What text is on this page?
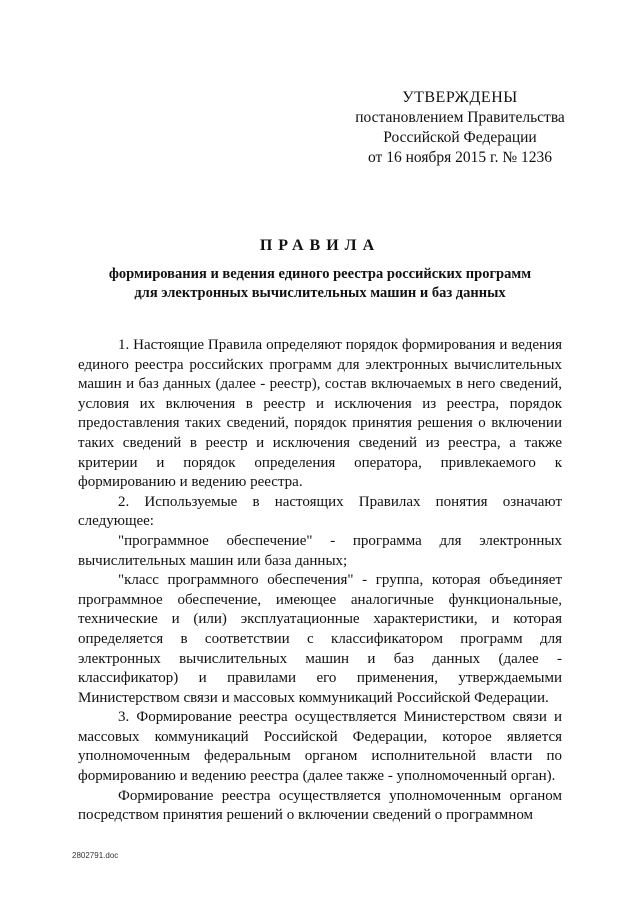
УТВЕРЖДЕНЫ
постановлением Правительства
Российской Федерации
от 16 ноября 2015 г. № 1236
ПРАВИЛА
формирования и ведения единого реестра российских программ
для электронных вычислительных машин и баз данных

1. Настоящие Правила определяют порядок формирования и ведения единого реестра российских программ для электронных вычислительных машин и баз данных (далее - реестр), состав включаемых в него сведений, условия их включения в реестр и исключения из реестра, порядок предоставления таких сведений, порядок принятия решения о включении таких сведений в реестр и исключения сведений из реестра, а также критерии и порядок определения оператора, привлекаемого к формированию и ведению реестра.

2. Используемые в настоящих Правилах понятия означают следующее:

"программное обеспечение" - программа для электронных вычислительных машин или база данных;

"класс программного обеспечения" - группа, которая объединяет программное обеспечение, имеющее аналогичные функциональные, технические и (или) эксплуатационные характеристики, и которая определяется в соответствии с классификатором программ для электронных вычислительных машин и баз данных (далее - классификатор) и правилами его применения, утверждаемыми Министерством связи и массовых коммуникаций Российской Федерации.

3. Формирование реестра осуществляется Министерством связи и массовых коммуникаций Российской Федерации, которое является уполномоченным федеральным органом исполнительной власти по формированию и ведению реестра (далее также - уполномоченный орган).

Формирование реестра осуществляется уполномоченным органом посредством принятия решений о включении сведений о программном

2802791.doc
